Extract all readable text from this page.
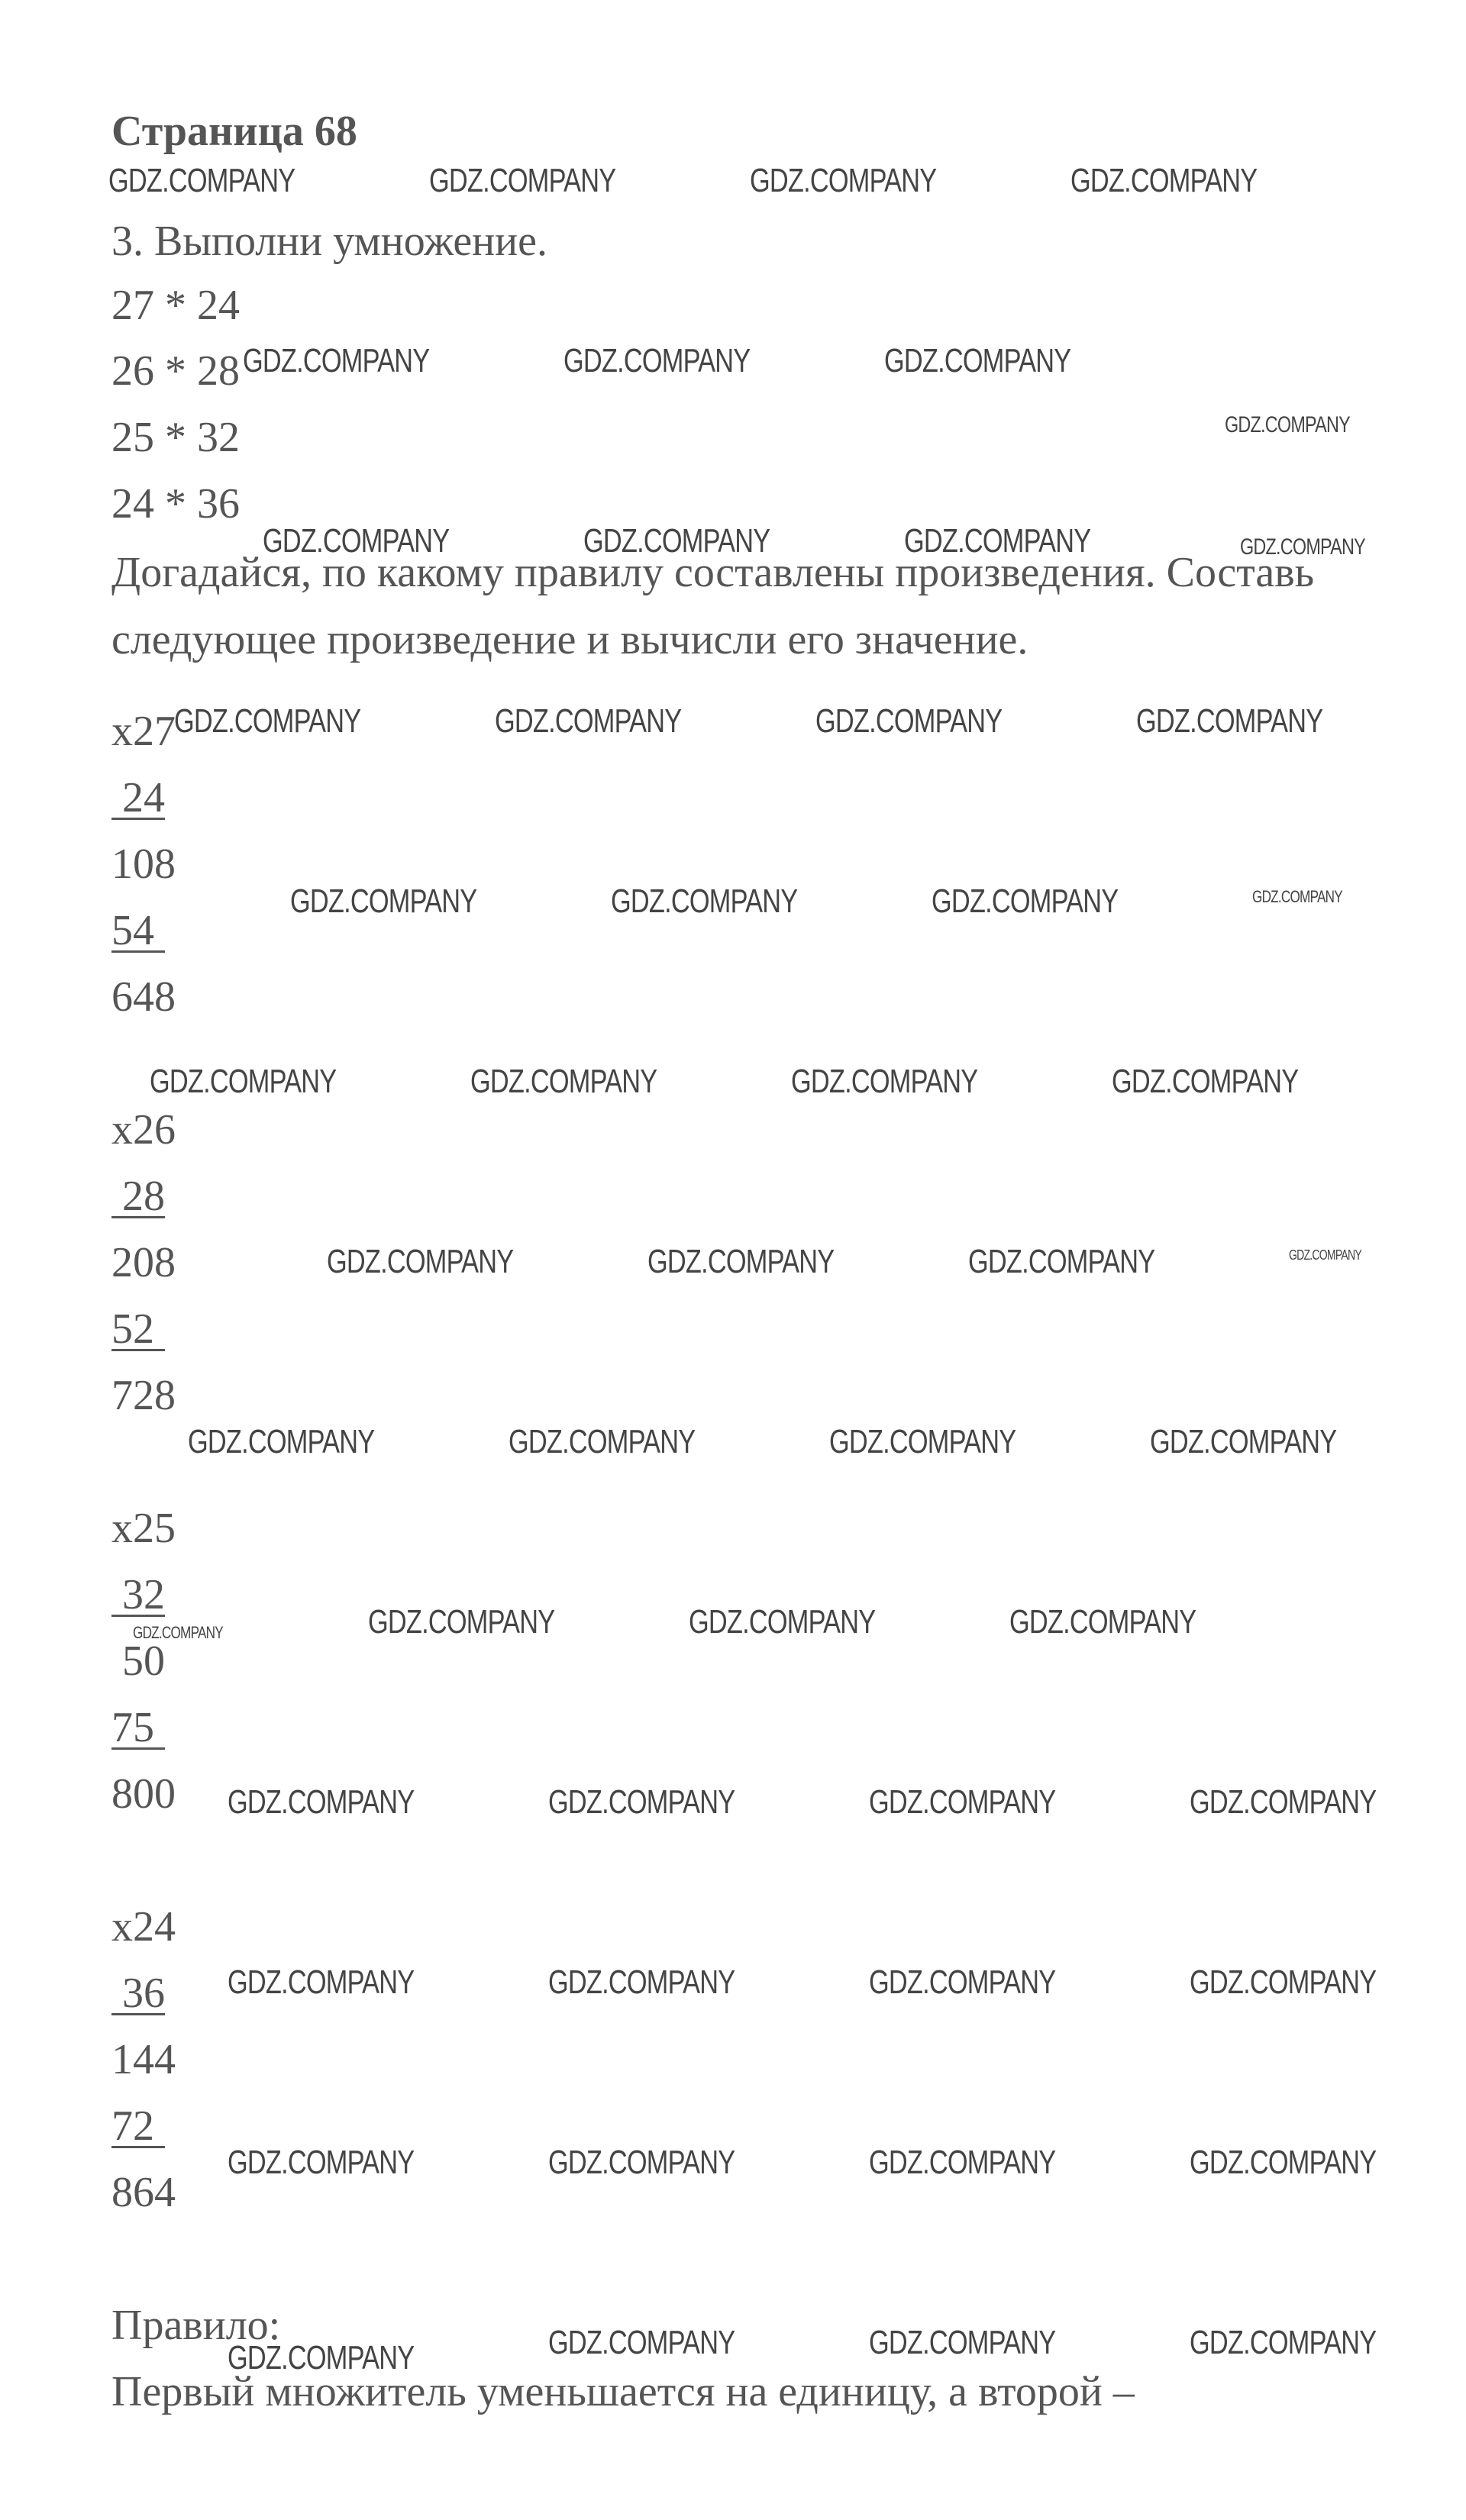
Страница 68
3. Выполни умножение.
27 * 24
26 * 28
25 * 32
24 * 36
Догадайся, по какому правилу составлены произведения. Составь
следующее произведение и вычисли его значение.
x27
24
108
54
648
x26
28
208
52
728
x25
32
50
75
800
x24
36
144
72
864
Правило:
Первый множитель уменьшается на единицу, а второй –
GDZ.COMPANY	GDZ.COMPANY	GDZ.COMPANY	GDZ.COMPANY
GDZ.COMPANY	GDZ.COMPANY	GDZ.COMPANY
GDZ.COMPANY
GDZ.COMPANY	GDZ.COMPANY	GDZ.COMPANY	GDZ.COMPANY
GDZ.COMPANY	GDZ.COMPANY	GDZ.COMPANY	GDZ.COMPANY
GDZ.COMPANY	GDZ.COMPANY	GDZ.COMPANY	GDZ.COMPANY
GDZ.COMPANY	GDZ.COMPANY	GDZ.COMPANY	GDZ.COMPANY
GDZ.COMPANY	GDZ.COMPANY	GDZ.COMPANY	GDZ.COMPANY
GDZ.COMPANY	GDZ.COMPANY	GDZ.COMPANY	GDZ.COMPANY
GDZ.COMPANY	GDZ.COMPANY	GDZ.COMPANY	GDZ.COMPANY
GDZ.COMPANY	GDZ.COMPANY	GDZ.COMPANY	GDZ.COMPANY
GDZ.COMPANY	GDZ.COMPANY	GDZ.COMPANY	GDZ.COMPANY
GDZ.COMPANY	GDZ.COMPANY	GDZ.COMPANY	GDZ.COMPANY
GDZ.COMPANY	GDZ.COMPANY	GDZ.COMPANY	GDZ.COMPANY
